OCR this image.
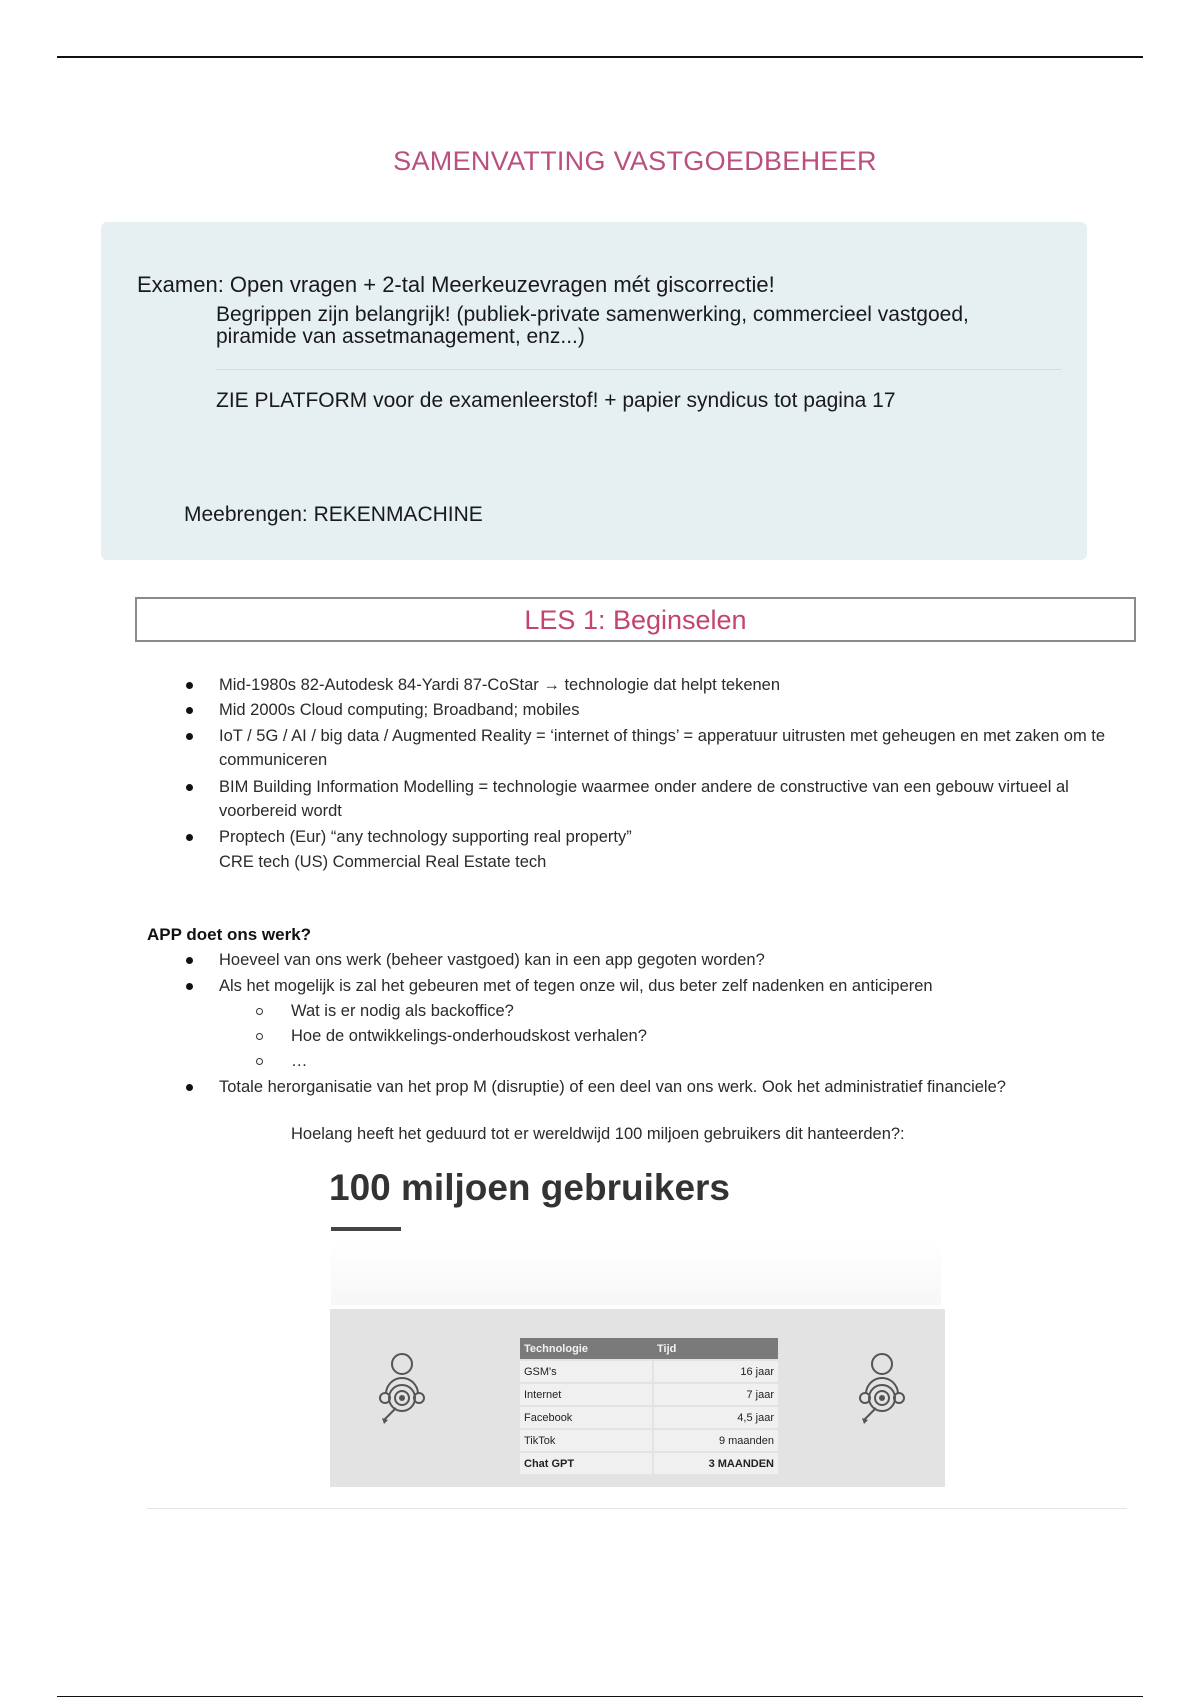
SAMENVATTING VASTGOEDBEHEER
Examen: Open vragen + 2-tal Meerkeuzevragen mét giscorrectie!
Begrippen zijn belangrijk! (publiek-private samenwerking, commercieel vastgoed, piramide van assetmanagement, enz...)
ZIE PLATFORM voor de examenleerstof! + papier syndicus tot pagina 17
Meebrengen: REKENMACHINE
LES 1: Beginselen
Mid-1980s 82-Autodesk 84-Yardi 87-CoStar → technologie dat helpt tekenen
Mid 2000s Cloud computing; Broadband; mobiles
IoT / 5G / AI / big data / Augmented Reality = ‘internet of things’ = apperatuur uitrusten met geheugen en met zaken om te communiceren
BIM Building Information Modelling = technologie waarmee onder andere de constructive van een gebouw virtueel al voorbereid wordt
Proptech (Eur) “any technology supporting real property”
CRE tech (US) Commercial Real Estate tech
APP doet ons werk?
Hoeveel van ons werk (beheer vastgoed) kan in een app gegoten worden?
Als het mogelijk is zal het gebeuren met of tegen onze wil, dus beter zelf nadenken en anticiperen
Wat is er nodig als backoffice?
Hoe de ontwikkelings-onderhoudskost verhalen?
…
Totale herorganisatie van het prop M (disruptie) of een deel van ons werk. Ook het administratief financiele?
Hoelang heeft het geduurd tot er wereldwijd 100 miljoen gebruikers dit hanteerden?:
100 miljoen gebruikers
Technologie	Tijd
GSM's	16 jaar
Internet	7 jaar
Facebook	4,5 jaar
TikTok	9 maanden
Chat GPT	3 MAANDEN
